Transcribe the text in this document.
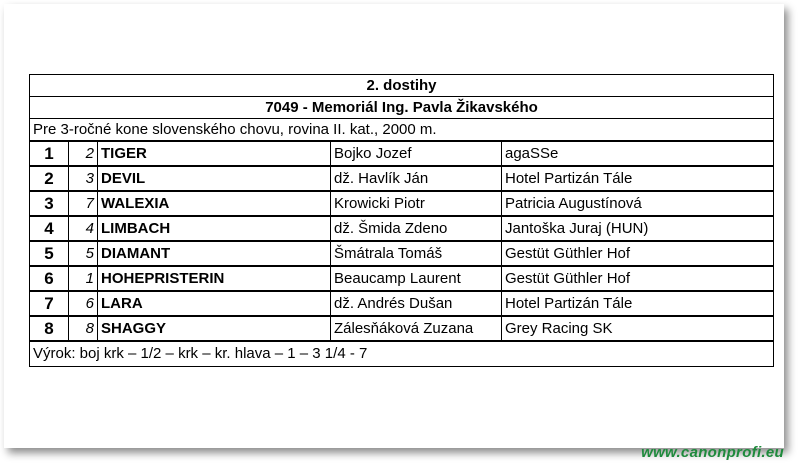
2. dostihy				
7049 - Memoriál Ing. Pavla Žikavského				
Pre 3-ročné kone slovenského chovu, rovina II. kat., 2000 m.				
1	2	TIGER	Bojko Jozef	agaSSe
2	3	DEVIL	dž. Havlík Ján	Hotel Partizán Tále
3	7	WALEXIA	Krowicki Piotr	Patricia Augustínová
4	4	LIMBACH	dž. Šmida Zdeno	Jantoška Juraj (HUN)
5	5	DIAMANT	Šmátrala Tomáš	Gestüt Güthler Hof
6	1	HOHEPRISTERIN	Beaucamp Laurent	Gestüt Güthler Hof
7	6	LARA	dž. Andrés Dušan	Hotel Partizán Tále
8	8	SHAGGY	Zálesňáková Zuzana	Grey Racing SK
Výrok: boj krk – 1/2 – krk – kr. hlava – 1 – 3 1/4 - 7				
www.canonprofi.eu
